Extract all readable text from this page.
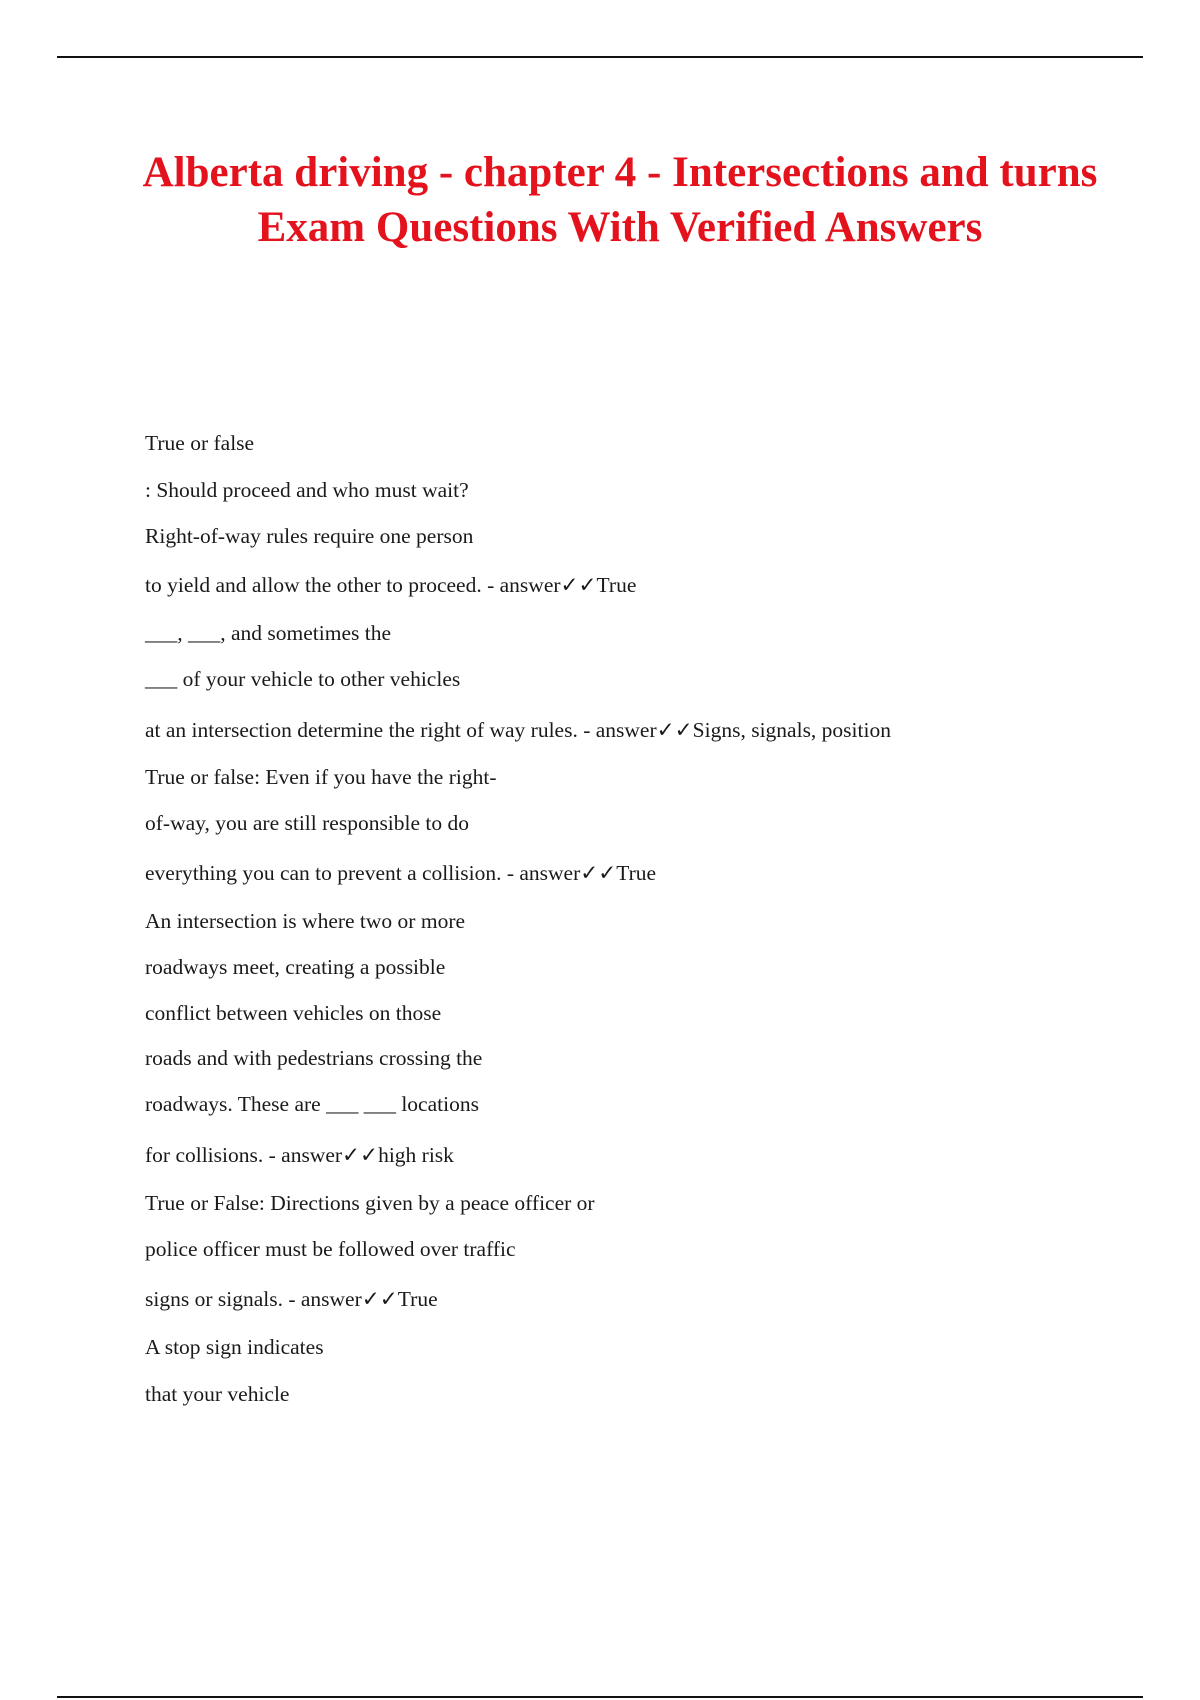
Alberta driving - chapter 4 - Intersections and turns Exam Questions With Verified Answers
True or false
: Should proceed and who must wait?
Right-of-way rules require one person
to yield and allow the other to proceed. - answer✓✓True
___, ___, and sometimes the
___ of your vehicle to other vehicles
at an intersection determine the right of way rules. - answer✓✓Signs, signals, position
True or false: Even if you have the right-
of-way, you are still responsible to do
everything you can to prevent a collision. - answer✓✓True
An intersection is where two or more
roadways meet, creating a possible
conflict between vehicles on those
roads and with pedestrians crossing the
roadways. These are ___ ___ locations
for collisions. - answer✓✓high risk
True or False: Directions given by a peace officer or
police officer must be followed over traffic
signs or signals. - answer✓✓True
A stop sign indicates
that your vehicle
